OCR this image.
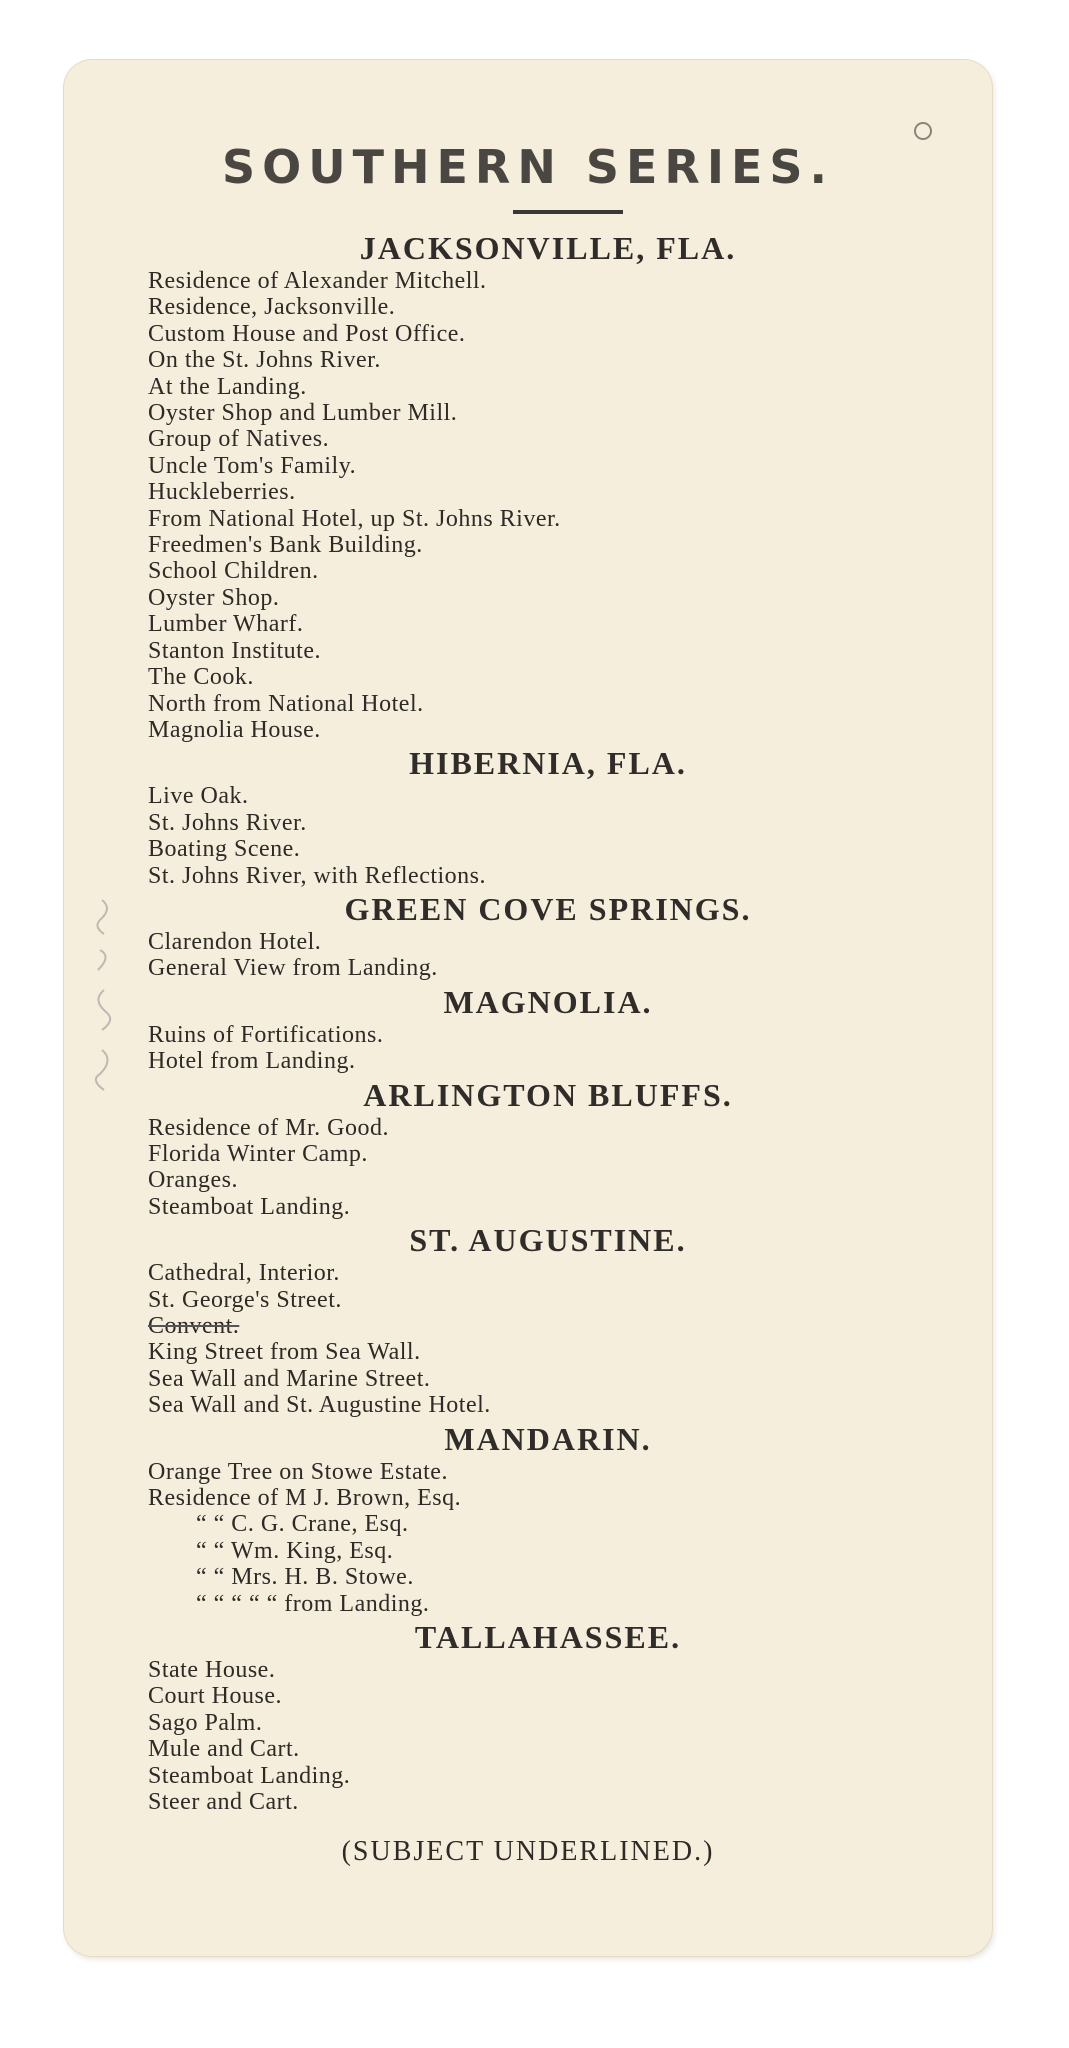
SOUTHERN SERIES.
JACKSONVILLE, FLA.
Residence of Alexander Mitchell.
Residence, Jacksonville.
Custom House and Post Office.
On the St. Johns River.
At the Landing.
Oyster Shop and Lumber Mill.
Group of Natives.
Uncle Tom's Family.
Huckleberries.
From National Hotel, up St. Johns River.
Freedmen's Bank Building.
School Children.
Oyster Shop.
Lumber Wharf.
Stanton Institute.
The Cook.
North from National Hotel.
Magnolia House.
HIBERNIA, FLA.
Live Oak.
St. Johns River.
Boating Scene.
St. Johns River, with Reflections.
GREEN COVE SPRINGS.
Clarendon Hotel.
General View from Landing.
MAGNOLIA.
Ruins of Fortifications.
Hotel from Landing.
ARLINGTON BLUFFS.
Residence of Mr. Good.
Florida Winter Camp.
Oranges.
Steamboat Landing.
ST. AUGUSTINE.
Cathedral, Interior.
St. George's Street.
Convent.
King Street from Sea Wall.
Sea Wall and Marine Street.
Sea Wall and St. Augustine Hotel.
MANDARIN.
Orange Tree on Stowe Estate.
Residence of M J. Brown, Esq.
“ “ C. G. Crane, Esq.
“ “ Wm. King, Esq.
“ “ Mrs. H. B. Stowe.
“ “ “ “ “ from Landing.
TALLAHASSEE.
State House.
Court House.
Sago Palm.
Mule and Cart.
Steamboat Landing.
Steer and Cart.
(SUBJECT UNDERLINED.)
